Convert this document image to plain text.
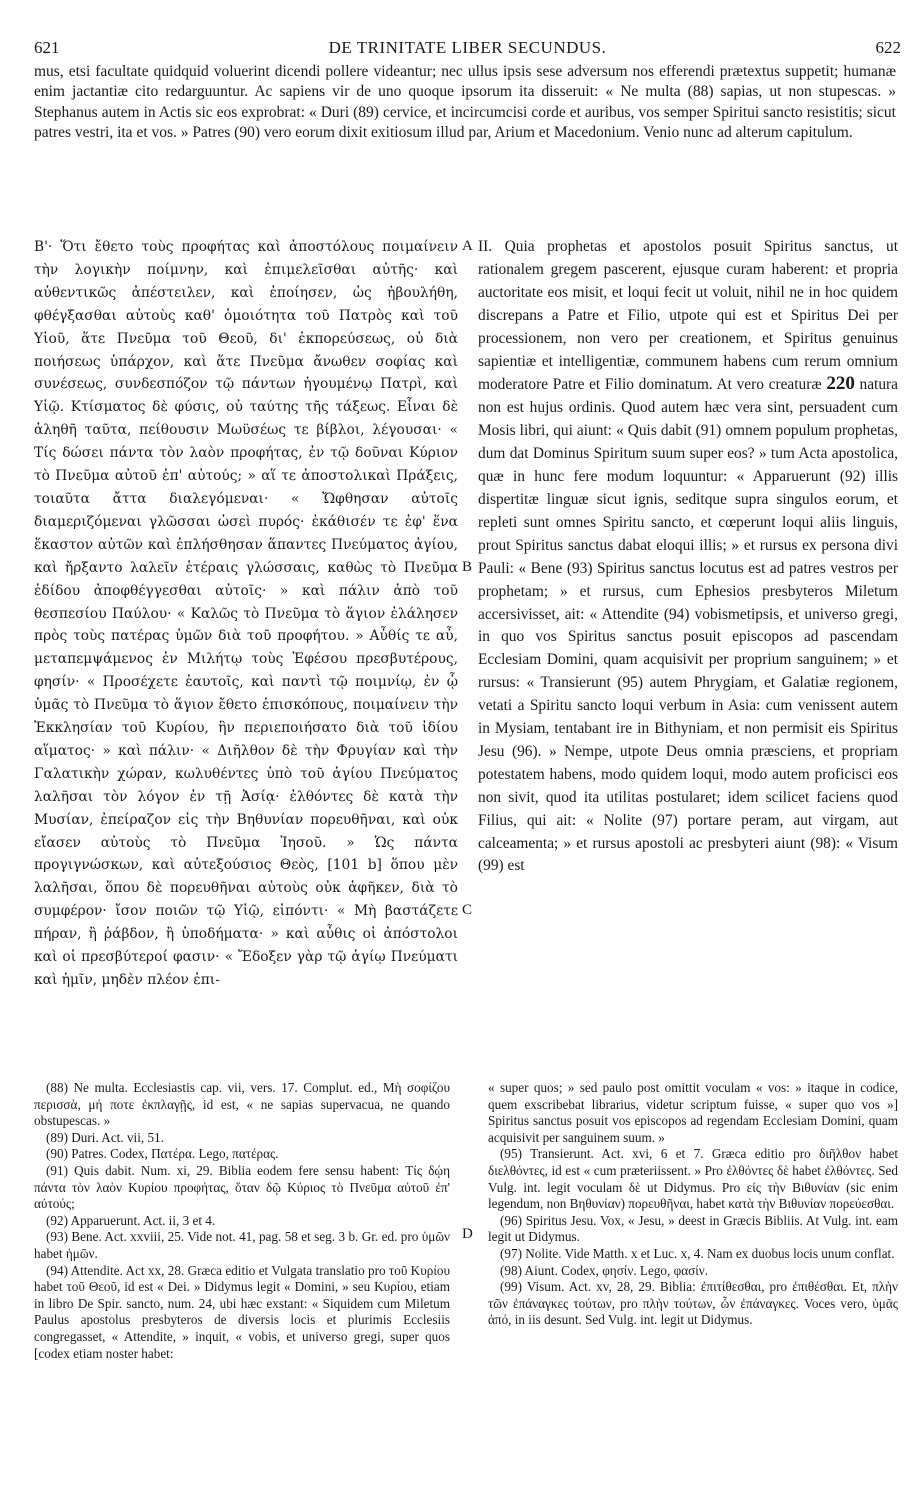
621	DE TRINITATE LIBER SECUNDUS.	622
mus, etsi facultate quidquid voluerint dicendi pollere videantur; nec ullus ipsis sese adversum nos efferendi prætextus suppetit; humanæ enim jactantiæ cito redarguuntur. Ac sapiens vir de uno quoque ipsorum ita disseruit: « Ne multa (88) sapias, ut non stupescas. » Stephanus autem in Actis sic eos exprobrat: « Duri (89) cervice, et incircumcisi corde et auribus, vos semper Spiritui sancto resistitis; sicut patres vestri, ita et vos. » Patres (90) vero eorum dixit exitiosum illud par, Arium et Macedonium. Venio nunc ad alterum capitulum.

Β'· Ὅτι ἔθετο τοὺς προφήτας καὶ ἀποστόλους ποιμαίνειν τὴν λογικὴν ποίμνην, καὶ ἐπιμελεῖσθαι αὐτῆς· καὶ αὐθεντικῶς ἀπέστειλεν, καὶ ἐποίησεν, ὡς ἠβουλήθη, φθέγξασθαι αὐτοὺς καθ' ὁμοιότητα τοῦ Πατρὸς καὶ τοῦ Υἱοῦ, ἅτε Πνεῦμα τοῦ Θεοῦ, δι' ἐκπορεύσεως, οὐ διὰ ποιήσεως ὑπάρχον, καὶ ἅτε Πνεῦμα ἄνωθεν σοφίας καὶ συνέσεως, συνδεσπόζον τῷ πάντων ἡγουμένῳ Πατρὶ, καὶ Υἱῷ. Κτίσματος δὲ φύσις, οὐ ταύτης τῆς τάξεως. Εἶναι δὲ ἀληθῆ ταῦτα, πείθουσιν Μωϋσέως τε βίβλοι, λέγουσαι· « Τίς δώσει πάντα τὸν λαὸν προφήτας, ἐν τῷ δοῦναι Κύριον τὸ Πνεῦμα αὐτοῦ ἐπ' αὐτούς; » αἵ τε ἀποστολικαὶ Πράξεις, τοιαῦτα ἄττα διαλεγόμεναι· « Ὤφθησαν αὐτοῖς διαμεριζόμεναι γλῶσσαι ὡσεὶ πυρός· ἐκάθισέν τε ἐφ' ἕνα ἕκαστον αὐτῶν καὶ ἐπλήσθησαν ἅπαντες Πνεύματος ἁγίου, καὶ ἤρξαντο λαλεῖν ἑτέραις γλώσσαις, καθὼς τὸ Πνεῦμα ἐδίδου ἀποφθέγγεσθαι αὐτοῖς· » καὶ πάλιν ἀπὸ τοῦ θεσπεσίου Παύλου· « Καλῶς τὸ Πνεῦμα τὸ ἅγιον ἐλάλησεν πρὸς τοὺς πατέρας ὑμῶν διὰ τοῦ προφήτου. » Αὖθίς τε αὖ, μεταπεμψάμενος ἐν Μιλήτῳ τοὺς Ἐφέσου πρεσβυτέρους, φησίν· « Προσέχετε ἑαυτοῖς, καὶ παντὶ τῷ ποιμνίῳ, ἐν ᾧ ὑμᾶς τὸ Πνεῦμα τὸ ἅγιον ἔθετο ἐπισκόπους, ποιμαίνειν τὴν Ἐκκλησίαν τοῦ Κυρίου, ἣν περιεποιήσατο διὰ τοῦ ἰδίου αἵματος· » καὶ πάλιν· « Διῆλθον δὲ τὴν Φρυγίαν καὶ τὴν Γαλατικὴν χώραν, κωλυθέντες ὑπὸ τοῦ ἁγίου Πνεύματος λαλῆσαι τὸν λόγον ἐν τῇ Ἀσίᾳ· ἐλθόντες δὲ κατὰ τὴν Μυσίαν, ἐπείραζον εἰς τὴν Βηθυνίαν πορευθῆναι, καὶ οὐκ εἴασεν αὐτοὺς τὸ Πνεῦμα Ἰησοῦ. » Ὡς πάντα προγιγνώσκων, καὶ αὐτεξούσιος Θεὸς, [101 b] ὅπου μὲν λαλῆσαι, ὅπου δὲ πορευθῆναι αὐτοὺς οὐκ ἀφῆκεν, διὰ τὸ συμφέρον· ἴσον ποιῶν τῷ Υἱῷ, εἰπόντι· « Μὴ βαστάζετε πήραν, ἢ ῥάβδον, ἢ ὑποδήματα· » καὶ αὖθις οἱ ἀπόστολοι καὶ οἱ πρεσβύτεροί φασιν· « Ἔδοξεν γὰρ τῷ ἁγίῳ Πνεύματι καὶ ἡμῖν, μηδὲν πλέον ἐπι-

II. Quia prophetas et apostolos posuit Spiritus sanctus, ut rationalem gregem pascerent, ejusque curam haberent: et propria auctoritate eos misit, et loqui fecit ut voluit, nihil ne in hoc quidem discrepans a Patre et Filio, utpote qui est et Spiritus Dei per processionem, non vero per creationem, et Spiritus genuinus sapientiæ et intelligentiæ, communem habens cum rerum omnium moderatore Patre et Filio dominatum. At vero creaturæ 220 natura non est hujus ordinis. Quod autem hæc vera sint, persuadent cum Mosis libri, qui aiunt: « Quis dabit (91) omnem populum prophetas, dum dat Dominus Spiritum suum super eos? » tum Acta apostolica, quæ in hunc fere modum loquuntur: « Apparuerunt (92) illis dispertitæ linguæ sicut ignis, seditque supra singulos eorum, et repleti sunt omnes Spiritu sancto, et cœperunt loqui aliis linguis, prout Spiritus sanctus dabat eloqui illis; » et rursus ex persona divi Pauli: « Bene (93) Spiritus sanctus locutus est ad patres vestros per prophetam; » et rursus, cum Ephesios presbyteros Miletum accersivisset, ait: « Attendite (94) vobismetipsis, et universo gregi, in quo vos Spiritus sanctus posuit episcopos ad pascendam Ecclesiam Domini, quam acquisivit per proprium sanguinem; » et rursus: « Transierunt (95) autem Phrygiam, et Galatiæ regionem, vetati a Spiritu sancto loqui verbum in Asia: cum venissent autem in Mysiam, tentabant ire in Bithyniam, et non permisit eis Spiritus Jesu (96). » Nempe, utpote Deus omnia præsciens, et propriam potestatem habens, modo quidem loqui, modo autem proficisci eos non sivit, quod ita utilitas postularet; idem scilicet faciens quod Filius, qui ait: « Nolite (97) portare peram, aut virgam, aut calceamenta; » et rursus apostoli ac presbyteri aiunt (98): « Visum (99) est

A
B
C
D

(88) Ne multa. Ecclesiastis cap. vii, vers. 17. Complut. ed., Μὴ σοφίζου περισσὰ, μή ποτε ἐκπλαγῇς, id est, « ne sapias supervacua, ne quando obstupescas. »

(89) Duri. Act. vii, 51.

(90) Patres. Codex, Πατέρα. Lego, πατέρας.

(91) Quis dabit. Num. xi, 29. Biblia eodem fere sensu habent: Τίς δῴη πάντα τὸν λαὸν Κυρίου προφήτας, ὅταν δῷ Κύριος τὸ Πνεῦμα αὐτοῦ ἐπ' αὐτούς;

(92) Apparuerunt. Act. ii, 3 et 4.

(93) Bene. Act. xxviii, 25. Vide not. 41, pag. 58 et seg. 3 b. Gr. ed. pro ὑμῶν habet ἡμῶν.

(94) Attendite. Act xx, 28. Græca editio et Vulgata translatio pro τοῦ Κυρίου habet τοῦ Θεοῦ, id est « Dei. » Didymus legit « Domini, » seu Κυρίου, etiam in libro De Spir. sancto, num. 24, ubi hæc exstant: « Siquidem cum Miletum Paulus apostolus presbyteros de diversis locis et plurimis Ecclesiis congregasset, « Attendite, » inquit, « vobis, et universo gregi, super quos [codex etiam noster habet:

« super quos; » sed paulo post omittit voculam « vos: » itaque in codice, quem exscribebat librarius, videtur scriptum fuisse, « super quo vos »] Spiritus sanctus posuit vos episcopos ad regendam Ecclesiam Domini, quam acquisivit per sanguinem suum. »

(95) Transierunt. Act. xvi, 6 et 7. Græca editio pro διῆλθον habet διελθόντες, id est « cum præteriissent. » Pro ἐλθόντες δὲ habet ἐλθόντες. Sed Vulg. int. legit voculam δὲ ut Didymus. Pro εἰς τὴν Βιθυνίαν (sic enim legendum, non Βηθυνίαν) πορευθῆναι, habet κατὰ τὴν Βιθυνίαν πορεύεσθαι.

(96) Spiritus Jesu. Vox, « Jesu, » deest in Græcis Bibliis. At Vulg. int. eam legit ut Didymus.

(97) Nolite. Vide Matth. x et Luc. x, 4. Nam ex duobus locis unum conflat.

(98) Aiunt. Codex, φησίν. Lego, φασίν.

(99) Visum. Act. xv, 28, 29. Biblia: ἐπιτίθεσθαι, pro ἐπιθέσθαι. Et, πλὴν τῶν ἐπάναγκες τούτων, pro πλὴν τούτων, ὧν ἐπάναγκες. Voces vero, ὑμᾶς ἀπό, in iis desunt. Sed Vulg. int. legit ut Didymus.
